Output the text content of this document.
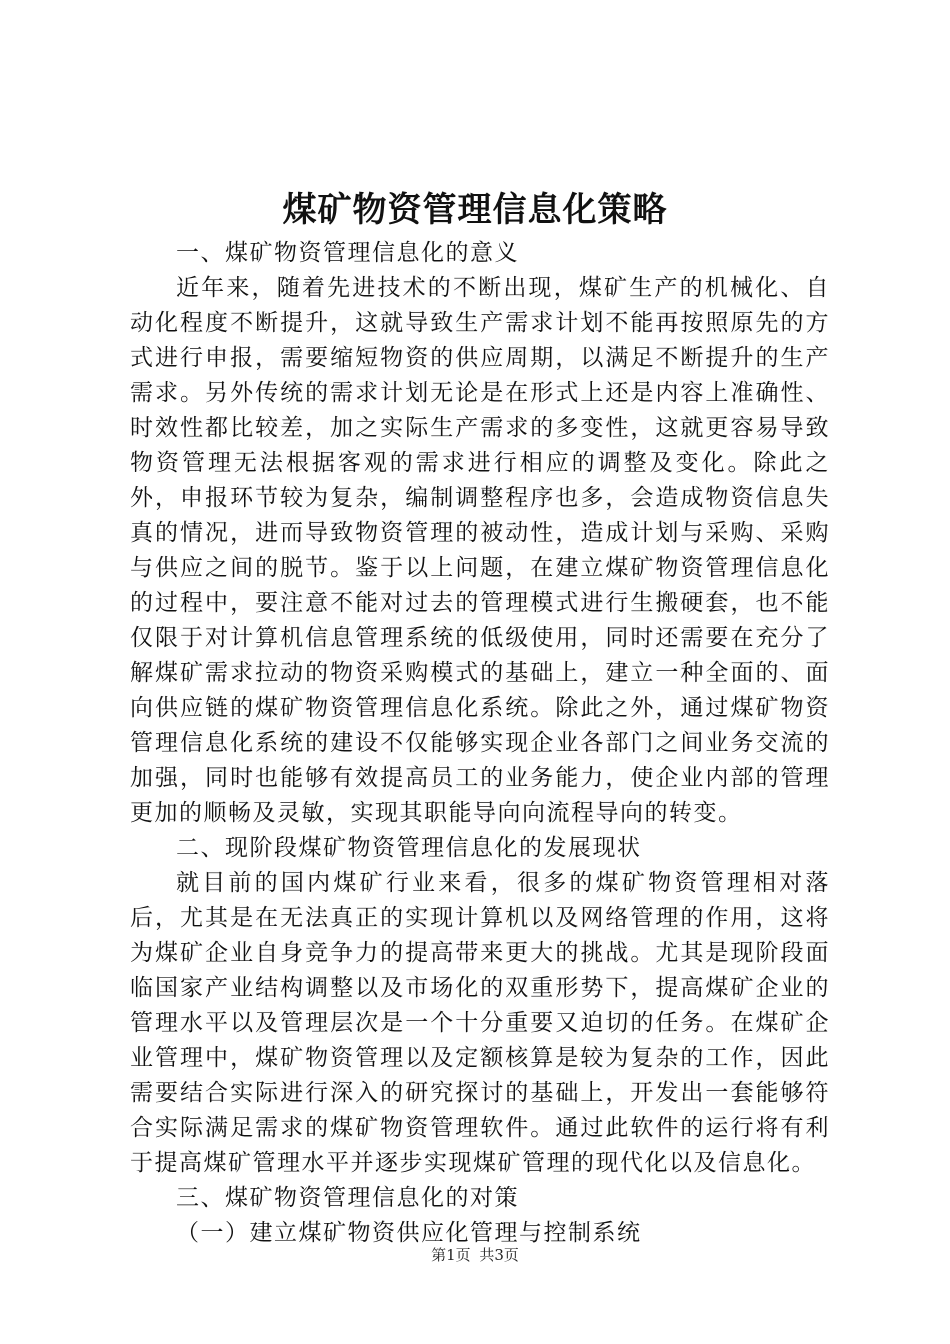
煤矿物资管理信息化策略

一、煤矿物资管理信息化的意义

近年来，随着先进技术的不断出现，煤矿生产的机械化、自动化程度不断提升，这就导致生产需求计划不能再按照原先的方式进行申报，需要缩短物资的供应周期，以满足不断提升的生产需求。另外传统的需求计划无论是在形式上还是内容上准确性、时效性都比较差，加之实际生产需求的多变性，这就更容易导致物资管理无法根据客观的需求进行相应的调整及变化。除此之外，申报环节较为复杂，编制调整程序也多，会造成物资信息失真的情况，进而导致物资管理的被动性，造成计划与采购、采购与供应之间的脱节。鉴于以上问题，在建立煤矿物资管理信息化的过程中，要注意不能对过去的管理模式进行生搬硬套，也不能仅限于对计算机信息管理系统的低级使用，同时还需要在充分了解煤矿需求拉动的物资采购模式的基础上，建立一种全面的、面向供应链的煤矿物资管理信息化系统。除此之外，通过煤矿物资管理信息化系统的建设不仅能够实现企业各部门之间业务交流的加强，同时也能够有效提高员工的业务能力，使企业内部的管理更加的顺畅及灵敏，实现其职能导向向流程导向的转变。

二、现阶段煤矿物资管理信息化的发展现状

就目前的国内煤矿行业来看，很多的煤矿物资管理相对落后，尤其是在无法真正的实现计算机以及网络管理的作用，这将为煤矿企业自身竞争力的提高带来更大的挑战。尤其是现阶段面临国家产业结构调整以及市场化的双重形势下，提高煤矿企业的管理水平以及管理层次是一个十分重要又迫切的任务。在煤矿企业管理中，煤矿物资管理以及定额核算是较为复杂的工作，因此需要结合实际进行深入的研究探讨的基础上，开发出一套能够符合实际满足需求的煤矿物资管理软件。通过此软件的运行将有利于提高煤矿管理水平并逐步实现煤矿管理的现代化以及信息化。

三、煤矿物资管理信息化的对策

（一）建立煤矿物资供应化管理与控制系统

第1页 共3页
